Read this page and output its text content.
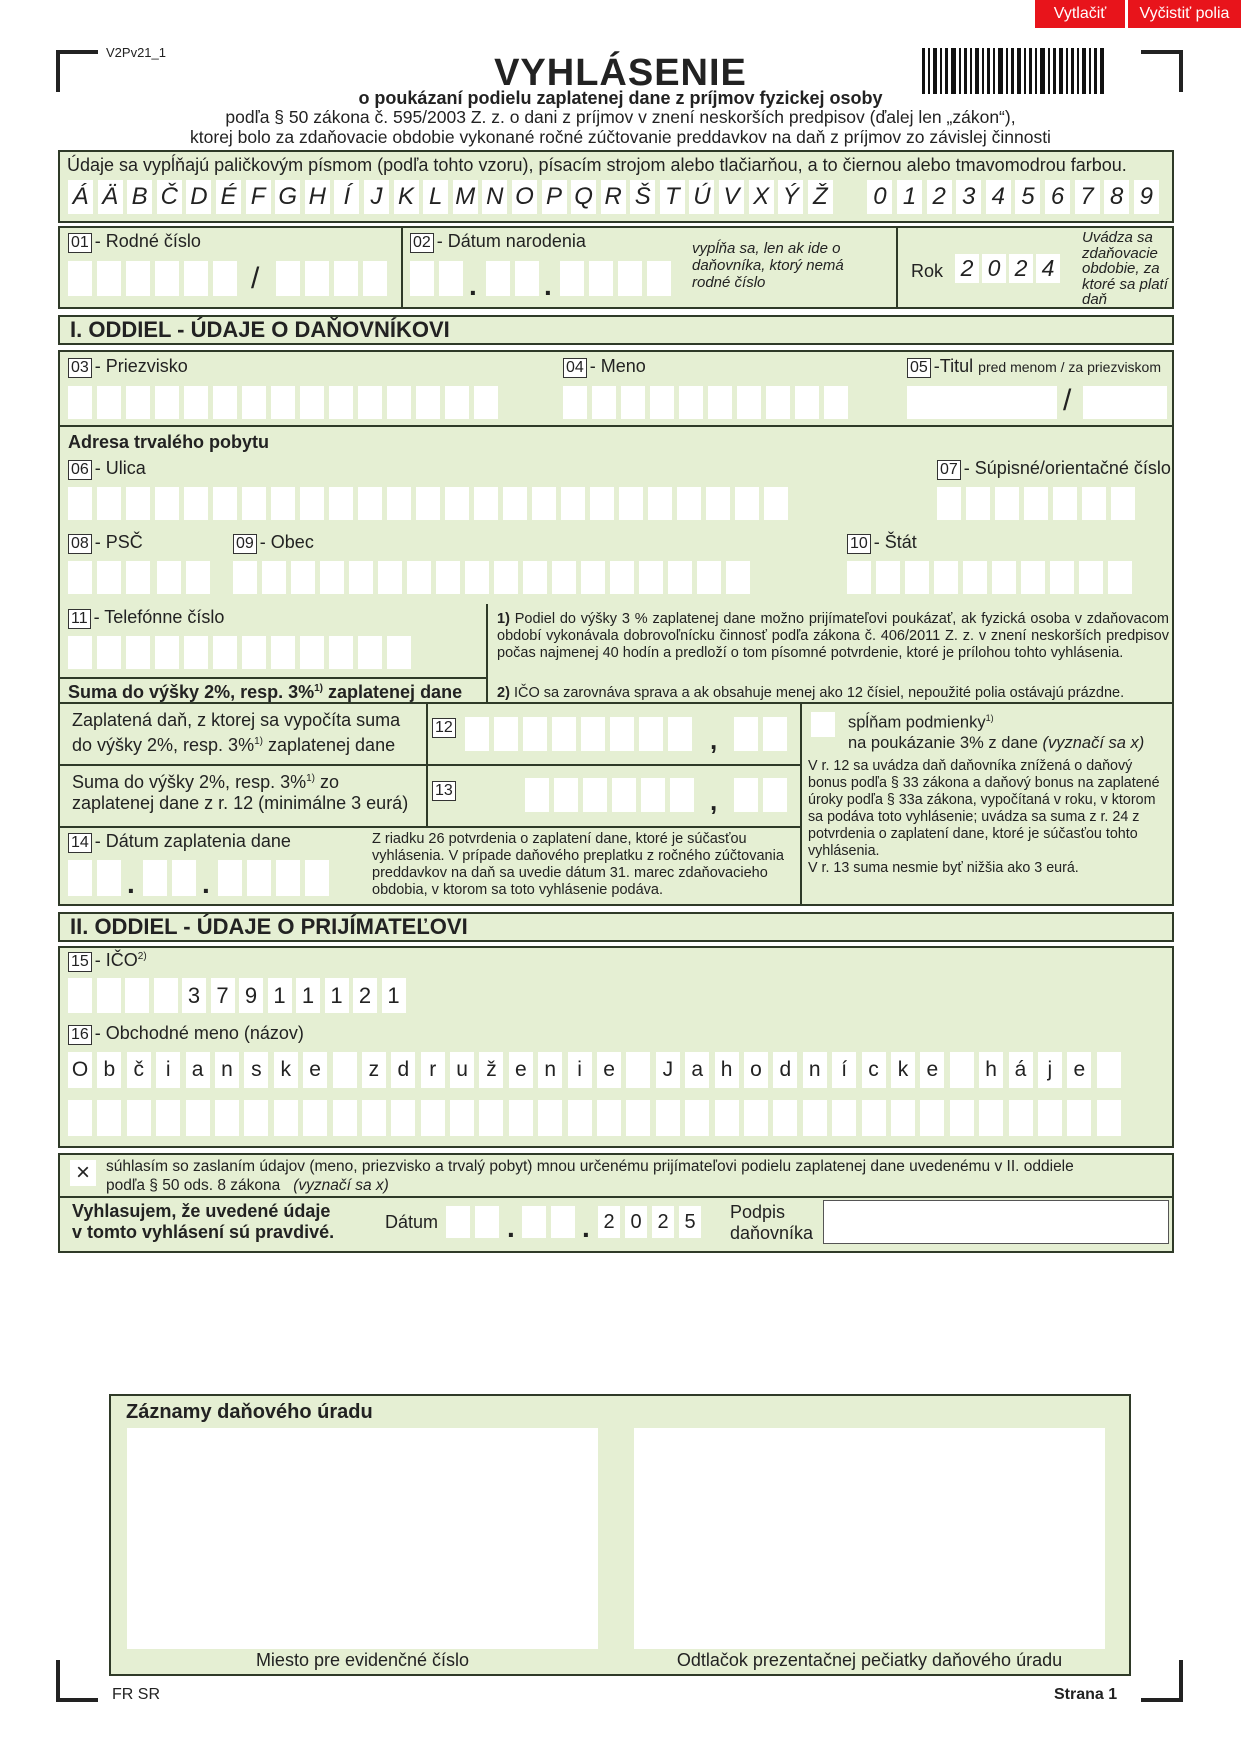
Vytlačiť	Vyčistiť polia
V2Pv21_1	VYHLÁSENIE
o poukázaní podielu zaplatenej dane z príjmov fyzickej osoby
podľa § 50 zákona č. 595/2003 Z. z. o dani z príjmov v znení neskorších predpisov (ďalej len „zákon“),
ktorej bolo za zdaňovacie obdobie vykonané ročné zúčtovanie preddavkov na daň z príjmov zo závislej činnosti
Údaje sa vypĺňajú paličkovým písmom (podľa tohto vzoru), písacím strojom alebo tlačiarňou, a to čiernou alebo tmavomodrou farbou.
Á Ä B Č D É F G H Í J K L M N O P Q R Š T Ú V X Ý Ž 0 1 2 3 4 5 6 7 8 9
01 - Rodné číslo
/
02 - Dátum narodenia
. .
vypĺňa sa, len ak ide o daňovníka, ktorý nemá rodné číslo
Rok 2 0 2 4
Uvádza sa zdaňovacie obdobie, za ktoré sa platí daň
I. ODDIEL - ÚDAJE O DAŇOVNÍKOVI
03 - Priezvisko	04 - Meno	05 -Titul pred menom / za priezviskom
/
Adresa trvalého pobytu
06 - Ulica	07 - Súpisné/orientačné číslo
08 - PSČ	09 - Obec	10 - Štát
11 - Telefónne číslo	1) Podiel do výšky 3 % zaplatenej dane možno prijímateľovi poukázať, ak fyzická osoba v zdaňovacom období vykonávala dobrovoľnícku činnosť podľa zákona č. 406/2011 Z. z. v znení neskorších predpisov počas najmenej 40 hodín a predloží o tom písomné potvrdenie, ktoré je prílohou tohto vyhlásenia.
2) IČO sa zarovnáva sprava a ak obsahuje menej ako 12 čísiel, nepoužité polia ostávajú prázdne.
Suma do výšky 2%, resp. 3%$^{1)}$ zaplatenej dane
Zaplatená daň, z ktorej sa vypočíta suma
do výšky 2%, resp. 3%$^{1)}$ zaplatenej dane
12	,
Suma do výšky 2%, resp. 3%$^{1)}$ zo
zaplatenej dane z r. 12 (minimálne 3 eurá)
13	,
spĺňam podmienky$^{1)}$
na poukázanie 3% z dane (vyznačí sa x)
V r. 12 sa uvádza daň daňovníka znížená o daňový bonus podľa § 33 zákona a daňový bonus na zaplatené úroky podľa § 33a zákona, vypočítaná v roku, v ktorom sa podáva toto vyhlásenie; uvádza sa suma z r. 24 z potvrdenia o zaplatení dane, ktoré je súčasťou tohto vyhlásenia.
V r. 13 suma nesmie byť nižšia ako 3 eurá.
14 - Dátum zaplatenia dane
. .
Z riadku 26 potvrdenia o zaplatení dane, ktoré je súčasťou vyhlásenia. V prípade daňového preplatku z ročného zúčtovania preddavkov na daň sa uvedie dátum 31. marec zdaňovacieho obdobia, v ktorom sa toto vyhlásenie podáva.
II. ODDIEL - ÚDAJE O PRIJÍMATEĽOVI
15 - IČO$^{2)}$
3 7 9 1 1 1 2 1
16 - Obchodné meno (názov)
O b č	i	a n s k e	z d r u ž e n	i	e	J a h o d n í	c k e h á	j	e
×	súhlasím so zaslaním údajov (meno, priezvisko a trvalý pobyt) mnou určenému prijímateľovi podielu zaplatenej dane uvedenému v II. oddiele
podľa § 50 ods. 8 zákona (vyznačí sa x)
Vyhlasujem, že uvedené údaje
v tomto vyhlásení sú pravdivé.	Dátum . . 2 0 2 5	Podpis
daňovníka
Záznamy daňového úradu
Miesto pre evidenčné číslo	Odtlačok prezentačnej pečiatky daňového úradu
FR SR	Strana 1
